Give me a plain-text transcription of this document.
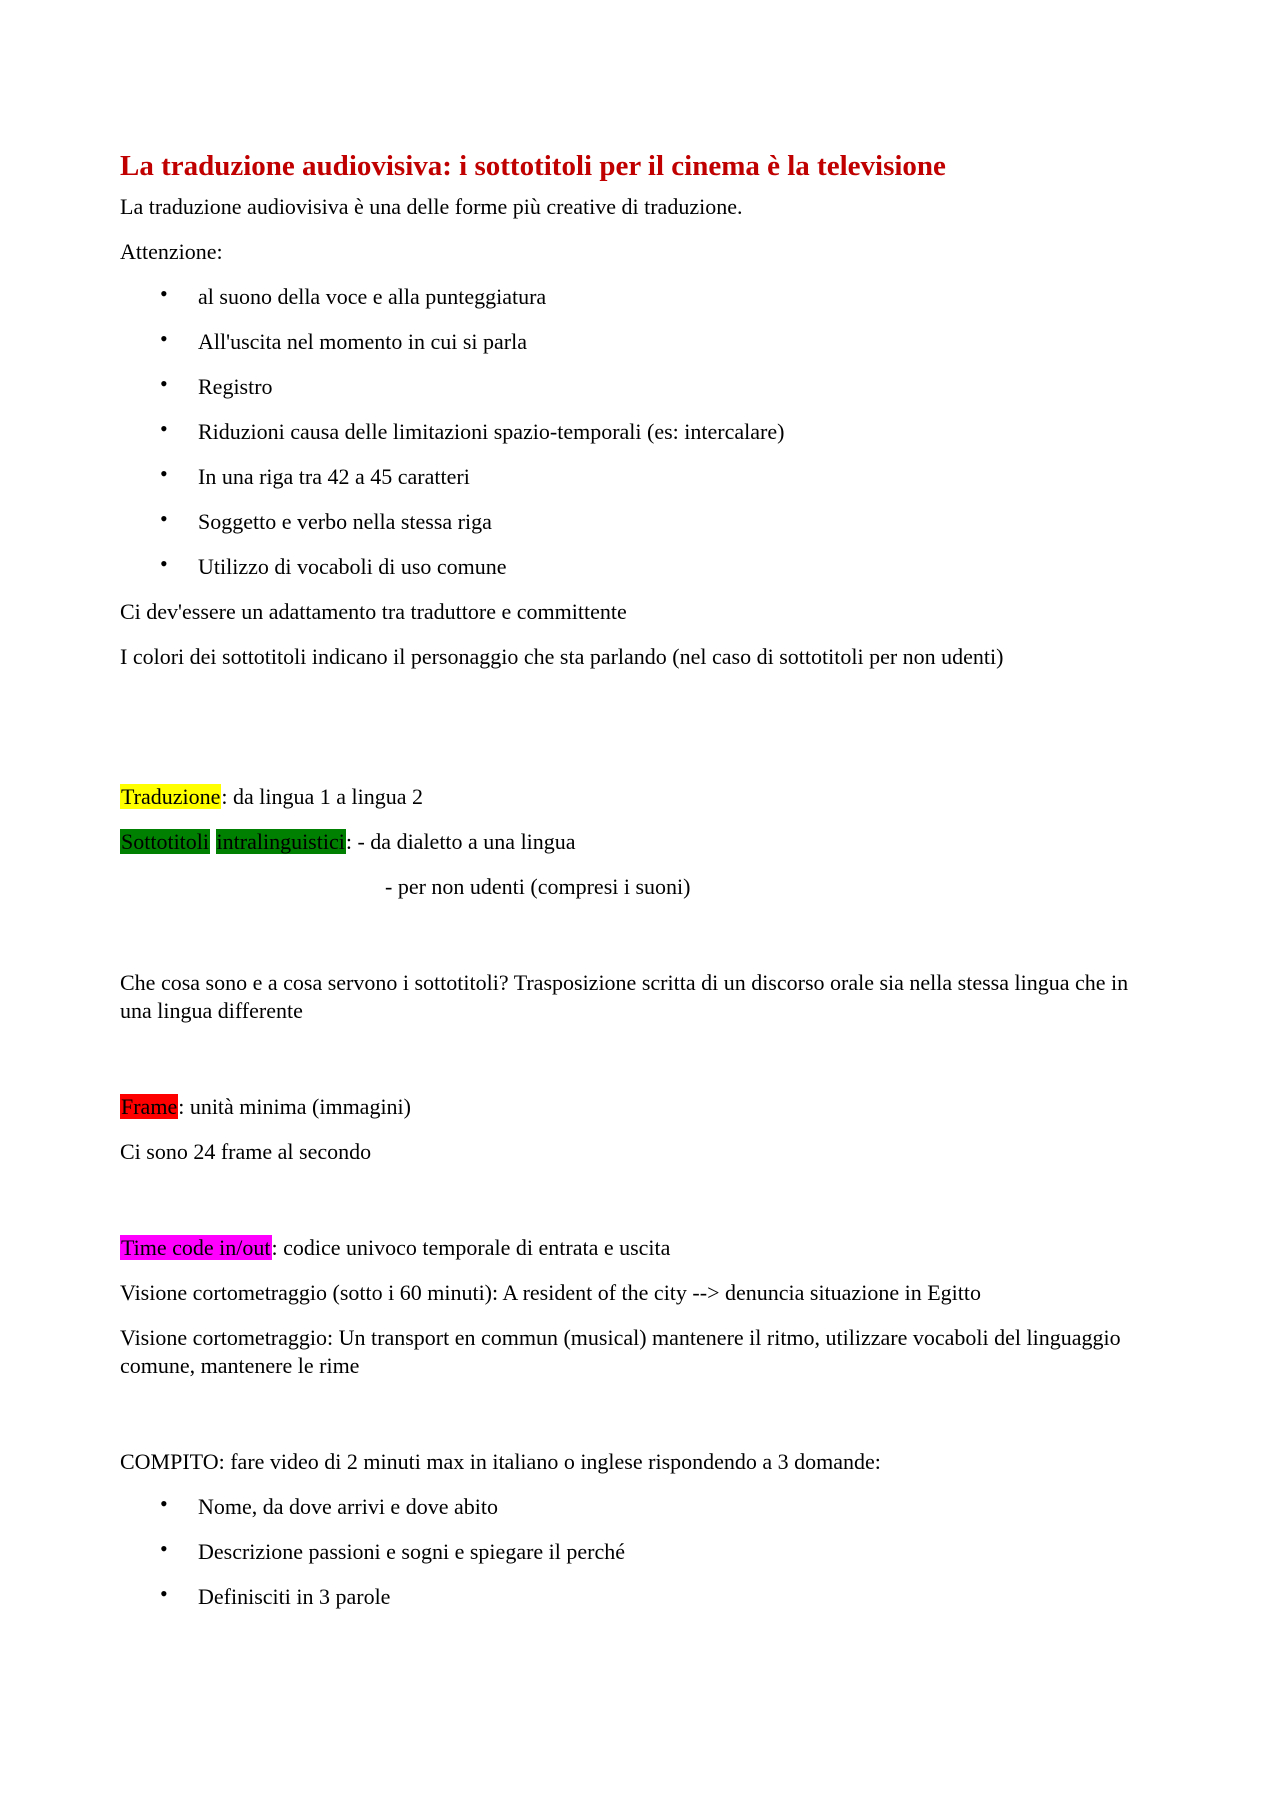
La traduzione audiovisiva: i sottotitoli per il cinema è la televisione

La traduzione audiovisiva è una delle forme più creative di traduzione.

Attenzione:

• al suono della voce e alla punteggiatura
• All'uscita nel momento in cui si parla
• Registro
• Riduzioni causa delle limitazioni spazio-temporali (es: intercalare)
• In una riga tra 42 a 45 caratteri
• Soggetto e verbo nella stessa riga
• Utilizzo di vocaboli di uso comune

Ci dev'essere un adattamento tra traduttore e committente

I colori dei sottotitoli indicano il personaggio che sta parlando (nel caso di sottotitoli per non udenti)

Traduzione: da lingua 1 a lingua 2

Sottotitoli intralinguistici: - da dialetto a una lingua

- per non udenti (compresi i suoni)

Che cosa sono e a cosa servono i sottotitoli? Trasposizione scritta di un discorso orale sia nella stessa lingua che in una lingua differente

Frame: unità minima (immagini)

Ci sono 24 frame al secondo

Time code in/out: codice univoco temporale di entrata e uscita

Visione cortometraggio (sotto i 60 minuti): A resident of the city --> denuncia situazione in Egitto

Visione cortometraggio: Un transport en commun (musical) mantenere il ritmo, utilizzare vocaboli del linguaggio comune, mantenere le rime

COMPITO: fare video di 2 minuti max in italiano o inglese rispondendo a 3 domande:

• Nome, da dove arrivi e dove abito
• Descrizione passioni e sogni e spiegare il perché
• Definisciti in 3 parole
